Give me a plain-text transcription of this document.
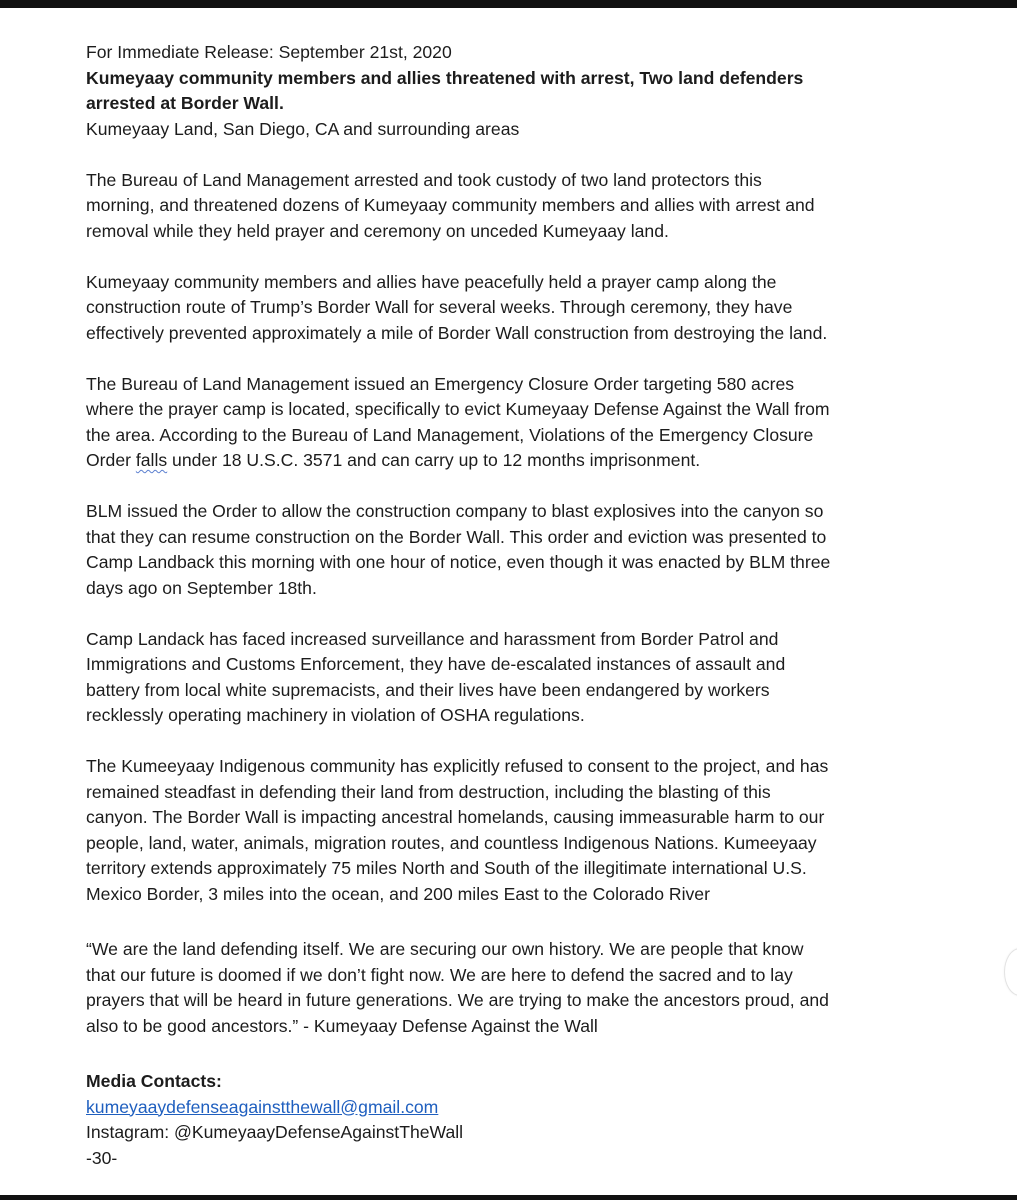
For Immediate Release: September 21st, 2020

Kumeyaay community members and allies threatened with arrest, Two land defenders

arrested at Border Wall.

Kumeyaay Land, San Diego, CA and surrounding areas

The Bureau of Land Management arrested and took custody of two land protectors this

morning, and threatened dozens of Kumeyaay community members and allies with arrest and

removal while they held prayer and ceremony on unceded Kumeyaay land.

Kumeyaay community members and allies have peacefully held a prayer camp along the

construction route of Trump’s Border Wall for several weeks. Through ceremony, they have

effectively prevented approximately a mile of Border Wall construction from destroying the land.

The Bureau of Land Management issued an Emergency Closure Order targeting 580 acres

where the prayer camp is located, specifically to evict Kumeyaay Defense Against the Wall from

the area. According to the Bureau of Land Management, Violations of the Emergency Closure

Order falls under 18 U.S.C. 3571 and can carry up to 12 months imprisonment.

BLM issued the Order to allow the construction company to blast explosives into the canyon so

that they can resume construction on the Border Wall. This order and eviction was presented to

Camp Landback this morning with one hour of notice, even though it was enacted by BLM three

days ago on September 18th.

Camp Landack has faced increased surveillance and harassment from Border Patrol and

Immigrations and Customs Enforcement, they have de-escalated instances of assault and

battery from local white supremacists, and their lives have been endangered by workers

recklessly operating machinery in violation of OSHA regulations.

The Kumeeyaay Indigenous community has explicitly refused to consent to the project, and has

remained steadfast in defending their land from destruction, including the blasting of this

canyon. The Border Wall is impacting ancestral homelands, causing immeasurable harm to our

people, land, water, animals, migration routes, and countless Indigenous Nations. Kumeeyaay

territory extends approximately 75 miles North and South of the illegitimate international U.S.

Mexico Border, 3 miles into the ocean, and 200 miles East to the Colorado River

“We are the land defending itself. We are securing our own history. We are people that know

that our future is doomed if we don’t fight now. We are here to defend the sacred and to lay

prayers that will be heard in future generations. We are trying to make the ancestors proud, and

also to be good ancestors.” - Kumeyaay Defense Against the Wall

Media Contacts:

kumeyaaydefenseagainstthewall@gmail.com

Instagram: @KumeyaayDefenseAgainstTheWall

-30-
